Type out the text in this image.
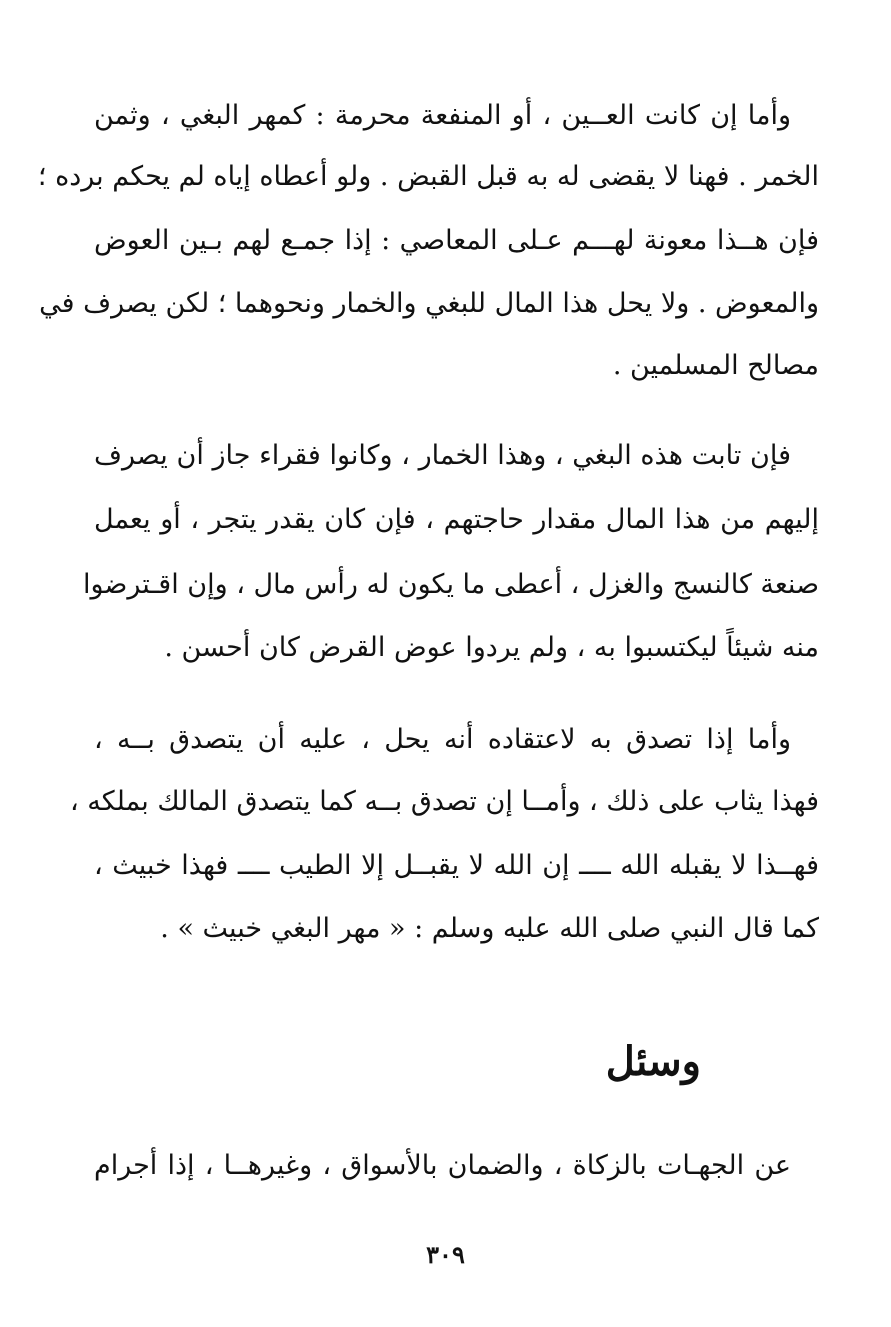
وأما إن كانت العــين ، أو المنفعة محرمة : كمهر البغي ، وثمن
الخمر . فهنا لا يقضى له به قبل القبض . ولو أعطاه إياه لم يحكم برده ؛
فإن هــذا معونة لهـــم عـلى المعاصي : إذا جمـع لهم بـين العوض
والمعوض . ولا يحل هذا المال للبغي والخمار ونحوهما ؛ لكن يصرف في
مصالح المسلمين .
فإن تابت هذه البغي ، وهذا الخمار ، وكانوا فقراء جاز أن يصرف
إليهم من هذا المال مقدار حاجتهم ، فإن كان يقدر يتجر ، أو يعمل
صنعة كالنسج والغزل ، أعطى ما يكون له رأس مال ، وإن اقـترضوا
منه شيئاً ليكتسبوا به ، ولم يردوا عوض القرض كان أحسن .
وأما إذا تصدق به لاعتقاده أنه يحل ، عليه أن يتصدق بــه ،
فهذا يثاب على ذلك ، وأمــا إن تصدق بــه كما يتصدق المالك بملكه ،
فهــذا لا يقبله الله ــــ إن الله لا يقبــل إلا الطيب ــــ فهذا خبيث ،
كما قال النبي صلى الله عليه وسلم : « مهر البغي خبيث » .
وسئل
عن الجهـات بالزكاة ، والضمان بالأسواق ، وغيرهــا ، إذا أجرام
٣٠٩
